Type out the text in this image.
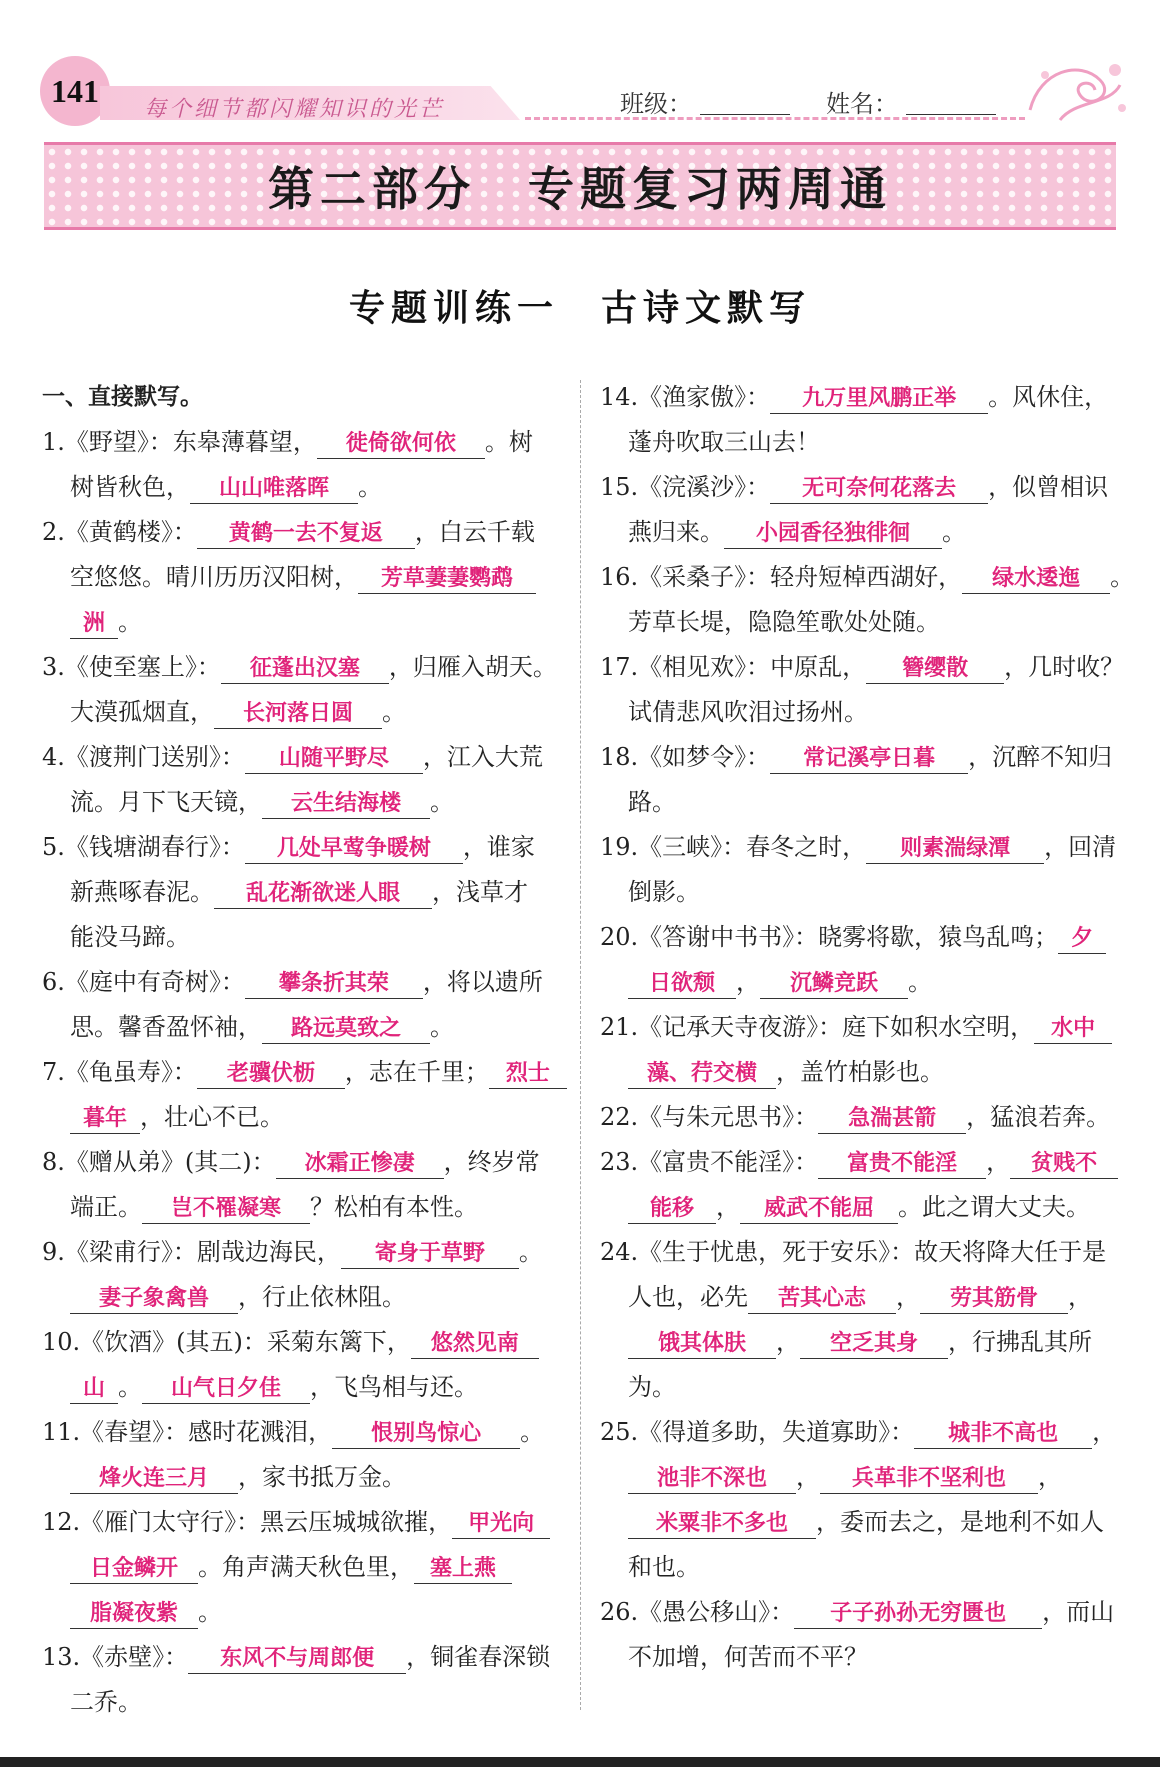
141
每个细节都闪耀知识的光芒	班级：	姓名：
第二部分　专题复习两周通
专题训练一　古诗文默写
一、直接默写。
1.《野望》：东皋薄暮望， 徙倚欲何依 。树
树皆秋色， 山山唯落晖 。
2.《黄鹤楼》： 黄鹤一去不复返 ，白云千载
空悠悠。晴川历历汉阳树， 芳草萋萋鹦鹉
洲 。
3.《使至塞上》： 征蓬出汉塞 ，归雁入胡天。
大漠孤烟直， 长河落日圆 。
4.《渡荆门送别》： 山随平野尽 ，江入大荒
流。月下飞天镜， 云生结海楼 。
5.《钱塘湖春行》： 几处早莺争暖树 ，谁家
新燕啄春泥。 乱花渐欲迷人眼 ，浅草才
能没马蹄。
6.《庭中有奇树》： 攀条折其荣 ，将以遗所
思。馨香盈怀袖， 路远莫致之 。
7.《龟虽寿》： 老骥伏枥 ，志在千里； 烈士
暮年 ，壮心不已。
8.《赠从弟》(其二)： 冰霜正惨凄 ，终岁常
端正。 岂不罹凝寒 ？松柏有本性。
9.《梁甫行》：剧哉边海民， 寄身于草野 。
妻子象禽兽 ，行止依林阻。
10.《饮酒》(其五)：采菊东篱下， 悠然见南
山 。 山气日夕佳 ，飞鸟相与还。
11.《春望》：感时花溅泪， 恨别鸟惊心 。
烽火连三月 ，家书抵万金。
12.《雁门太守行》：黑云压城城欲摧， 甲光向
日金鳞开 。角声满天秋色里， 塞上燕
脂凝夜紫 。
13.《赤壁》： 东风不与周郎便 ，铜雀春深锁
二乔。
14.《渔家傲》： 九万里风鹏正举 。风休住，
蓬舟吹取三山去！
15.《浣溪沙》： 无可奈何花落去 ，似曾相识
燕归来。 小园香径独徘徊 。
16.《采桑子》：轻舟短棹西湖好， 绿水逶迤 。
芳草长堤，隐隐笙歌处处随。
17.《相见欢》：中原乱， 簪缨散 ，几时收？
试倩悲风吹泪过扬州。
18.《如梦令》： 常记溪亭日暮 ，沉醉不知归
路。
19.《三峡》：春冬之时， 则素湍绿潭 ，回清
倒影。
20.《答谢中书书》：晓雾将歇，猿鸟乱鸣； 夕
日欲颓 ， 沉鳞竞跃 。
21.《记承天寺夜游》：庭下如积水空明， 水中
藻、荇交横 ，盖竹柏影也。
22.《与朱元思书》： 急湍甚箭 ，猛浪若奔。
23.《富贵不能淫》： 富贵不能淫 ， 贫贱不
能移 ， 威武不能屈 。此之谓大丈夫。
24.《生于忧患，死于安乐》：故天将降大任于是
人也，必先 苦其心志 ， 劳其筋骨 ，
饿其体肤 ， 空乏其身 ，行拂乱其所
为。
25.《得道多助，失道寡助》： 城非不高也 ，
池非不深也 ， 兵革非不坚利也 ，
米粟非不多也 ，委而去之，是地利不如人
和也。
26.《愚公移山》： 子子孙孙无穷匮也 ，而山
不加增，何苦而不平？
